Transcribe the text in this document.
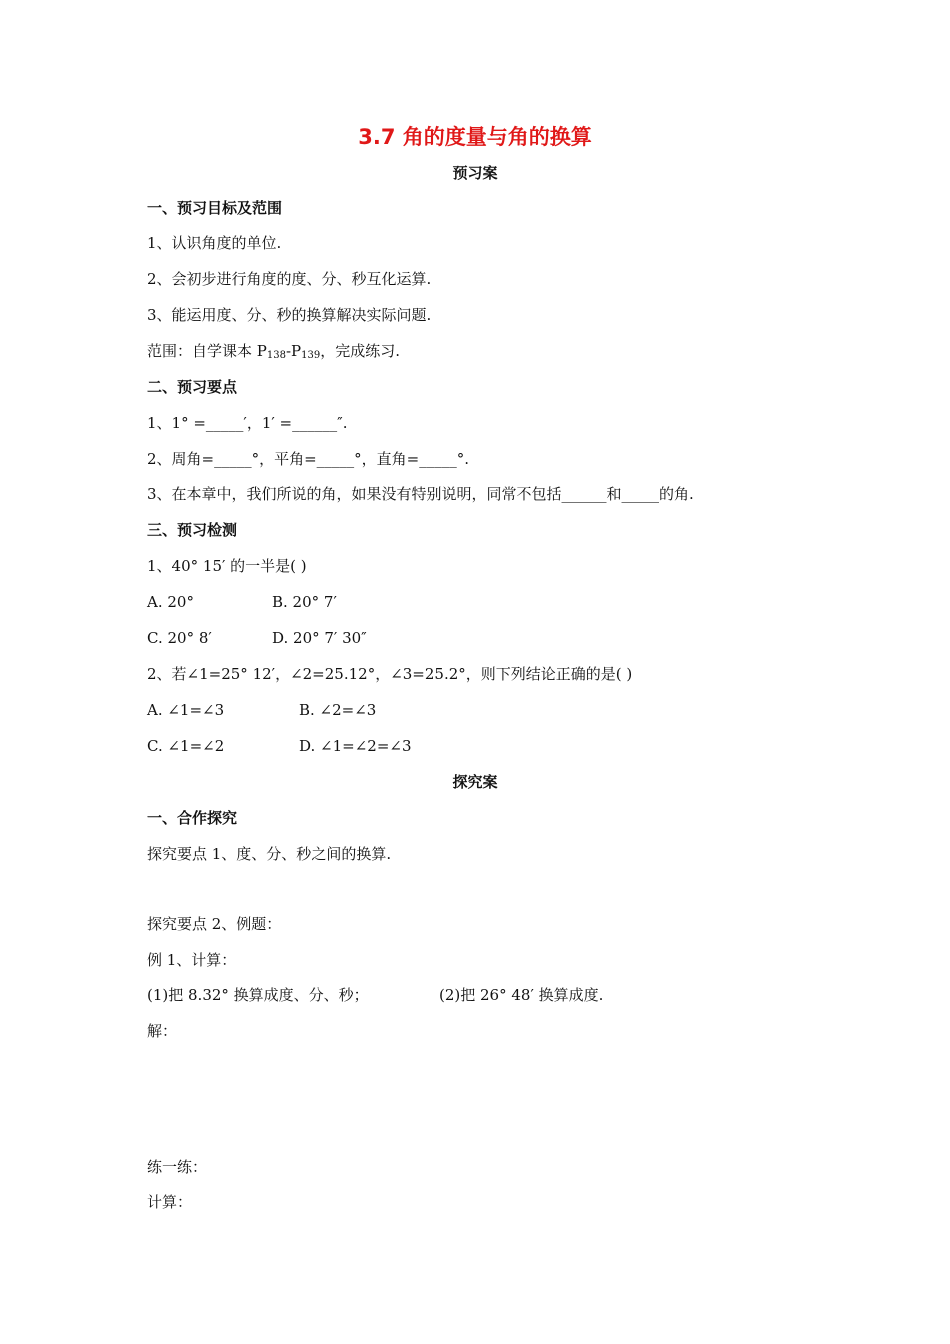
3.7 角的度量与角的换算
预习案
一、预习目标及范围
1、认识角度的单位.
2、会初步进行角度的度、分、秒互化运算.
3、能运用度、分、秒的换算解决实际问题.
范围：自学课本 $P_{138}-P_{139}$，完成练习.
二、预习要点
1、1° =_____′，1′ =______″.
2、周角=_____°，平角=_____°，直角=_____°.
3、在本章中，我们所说的角，如果没有特别说明，同常不包括______和_____的角.
三、预习检测
1、40° 15′ 的一半是( )
A. 20°	B. 20° 7′
C. 20° 8′	D. 20° 7′ 30″
2、若∠1=25° 12′，∠2=25.12°，∠3=25.2°，则下列结论正确的是( )
A. ∠1=∠3	B. ∠2=∠3
C. ∠1=∠2	D. ∠1=∠2=∠3
探究案
一、合作探究
探究要点 1、度、分、秒之间的换算.
探究要点 2、例题：
例 1、计算：
(1)把 8.32° 换算成度、分、秒；	(2)把 26° 48′ 换算成度.
解：
练一练：
计算：
